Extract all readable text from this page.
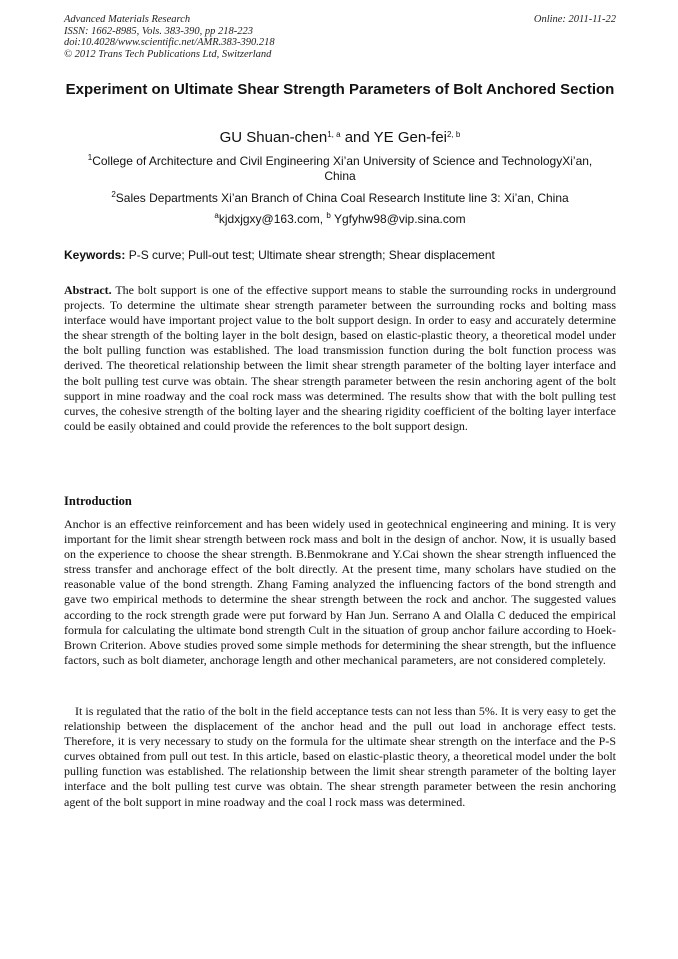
Advanced Materials Research
ISSN: 1662-8985, Vols. 383-390, pp 218-223
doi:10.4028/www.scientific.net/AMR.383-390.218
© 2012 Trans Tech Publications Ltd, Switzerland
Online: 2011-11-22
Experiment on Ultimate Shear Strength Parameters of Bolt Anchored Section
GU Shuan-chen$^{1, a}$ and YE Gen-fei$^{2, b}$
$^1$College of Architecture and Civil Engineering Xi’an University of Science and TechnologyXi’an, China
$^2$Sales Departments Xi’an Branch of China Coal Research Institute line 3: Xi’an, China
$^a$kjdxjgxy@163.com, $^b$ Ygfyhw98@vip.sina.com
Keywords: P-S curve; Pull-out test; Ultimate shear strength; Shear displacement
Abstract. The bolt support is one of the effective support means to stable the surrounding rocks in underground projects. To determine the ultimate shear strength parameter between the surrounding rocks and bolting mass interface would have important project value to the bolt support design. In order to easy and accurately determine the shear strength of the bolting layer in the bolt design, based on elastic-plastic theory, a theoretical model under the bolt pulling function was established. The load transmission function during the bolt function process was derived. The theoretical relationship between the limit shear strength parameter of the bolting layer interface and the bolt pulling test curve was obtain. The shear strength parameter between the resin anchoring agent of the bolt support in mine roadway and the coal rock mass was determined. The results show that with the bolt pulling test curves, the cohesive strength of the bolting layer and the shearing rigidity coefficient of the bolting layer interface could be easily obtained and could provide the references to the bolt support design.
Introduction
Anchor is an effective reinforcement and has been widely used in geotechnical engineering and mining. It is very important for the limit shear strength between rock mass and bolt in the design of anchor. Now, it is usually based on the experience to choose the shear strength. B.Benmokrane and Y.Cai shown the shear strength influenced the stress transfer and anchorage effect of the bolt directly. At the present time, many scholars have studied on the reasonable value of the bond strength. Zhang Faming analyzed the influencing factors of the bond strength and gave two empirical methods to determine the shear strength between the rock and anchor. The suggested values according to the rock strength grade were put forward by Han Jun. Serrano A and Olalla C deduced the empirical formula for calculating the ultimate bond strength Cult in the situation of group anchor failure according to Hoek-Brown Criterion. Above studies proved some simple methods for determining the shear strength, but the influence factors, such as bolt diameter, anchorage length and other mechanical parameters, are not considered completely.
It is regulated that the ratio of the bolt in the field acceptance tests can not less than 5%. It is very easy to get the relationship between the displacement of the anchor head and the pull out load in anchorage effect tests. Therefore, it is very necessary to study on the formula for the ultimate shear strength on the interface and the P-S curves obtained from pull out test. In this article, based on elastic-plastic theory, a theoretical model under the bolt pulling function was established. The relationship between the limit shear strength parameter of the bolting layer interface and the bolt pulling test curve was obtain. The shear strength parameter between the resin anchoring agent of the bolt support in mine roadway and the coal l rock mass was determined.
